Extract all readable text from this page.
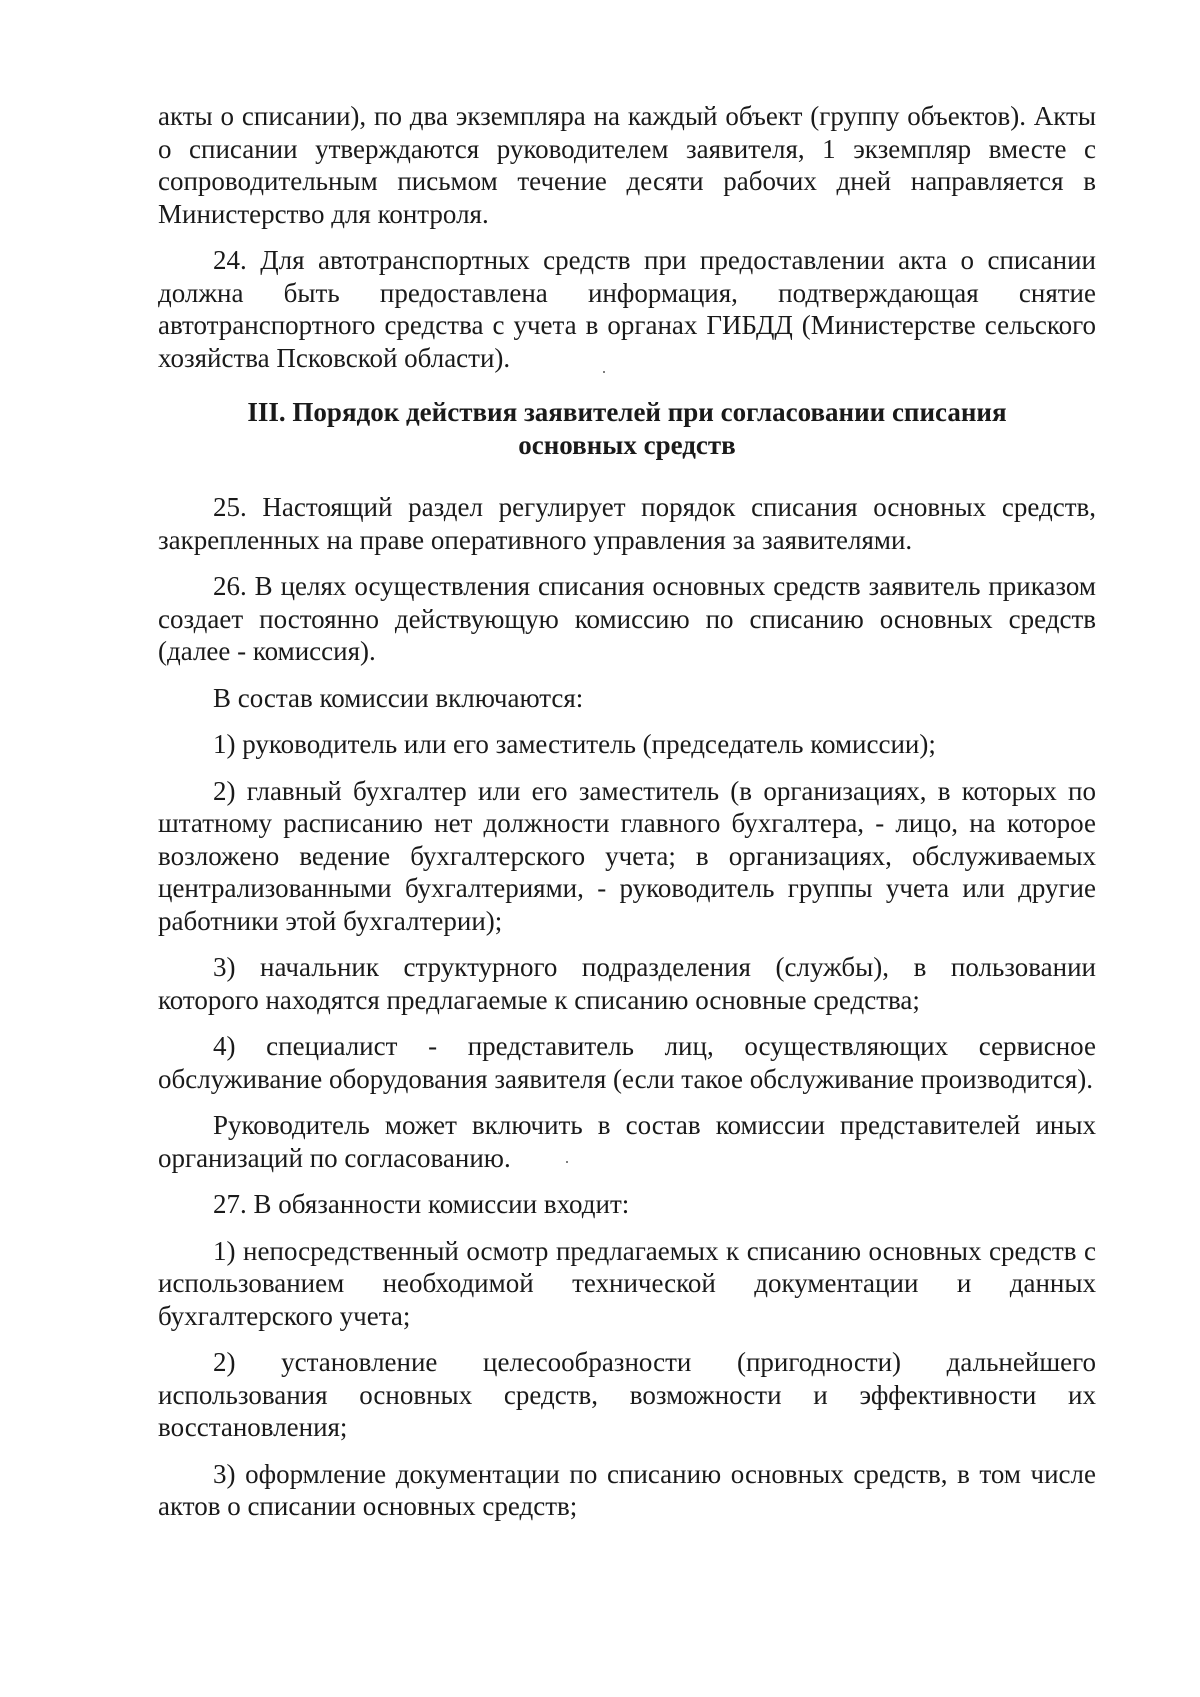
акты о списании), по два экземпляра на каждый объект (группу объектов). Акты о списании утверждаются руководителем заявителя, 1 экземпляр вместе с сопроводительным письмом течение десяти рабочих дней направляется в Министерство для контроля.

24. Для автотранспортных средств при предоставлении акта о списании должна быть предоставлена информация, подтверждающая снятие автотранспортного средства с учета в органах ГИБДД (Министерстве сельского хозяйства Псковской области).

III. Порядок действия заявителей при согласовании списания
основных средств

25. Настоящий раздел регулирует порядок списания основных средств, закрепленных на праве оперативного управления за заявителями.

26. В целях осуществления списания основных средств заявитель приказом создает постоянно действующую комиссию по списанию основных средств (далее - комиссия).

В состав комиссии включаются:

1) руководитель или его заместитель (председатель комиссии);

2) главный бухгалтер или его заместитель (в организациях, в которых по штатному расписанию нет должности главного бухгалтера, - лицо, на которое возложено ведение бухгалтерского учета; в организациях, обслуживаемых централизованными бухгалтериями, - руководитель группы учета или другие работники этой бухгалтерии);

3) начальник структурного подразделения (службы), в пользовании которого находятся предлагаемые к списанию основные средства;

4) специалист - представитель лиц, осуществляющих сервисное обслуживание оборудования заявителя (если такое обслуживание производится).

Руководитель может включить в состав комиссии представителей иных организаций по согласованию.

27. В обязанности комиссии входит:

1) непосредственный осмотр предлагаемых к списанию основных средств с использованием необходимой технической документации и данных бухгалтерского учета;

2) установление целесообразности (пригодности) дальнейшего использования основных средств, возможности и эффективности их восстановления;

3) оформление документации по списанию основных средств, в том числе актов о списании основных средств;
